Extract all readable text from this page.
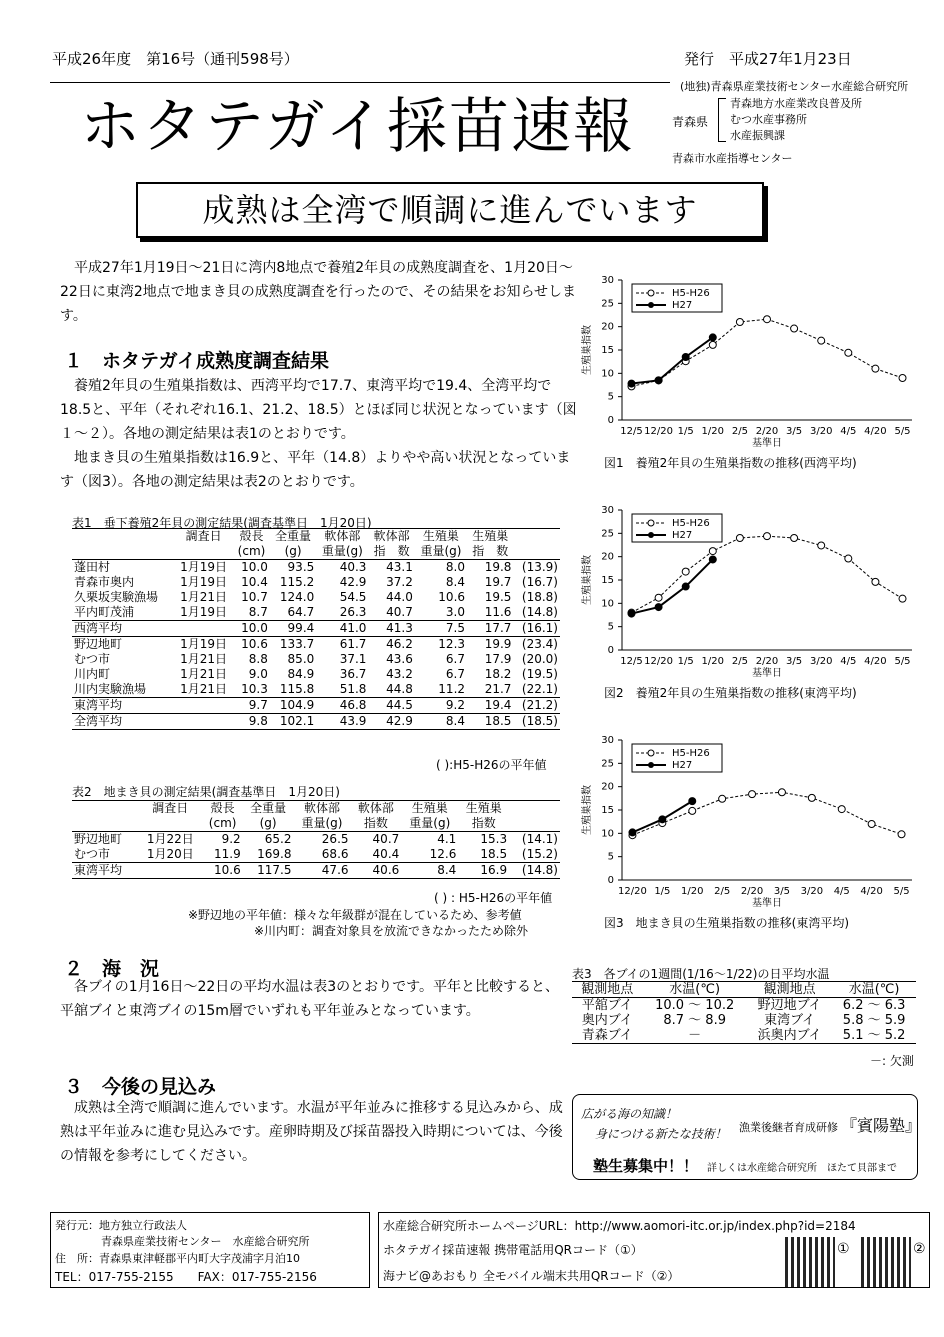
平成26年度　第16号（通刊598号）	発行　平成27年1月23日
ホタテガイ採苗速報
(地独)青森県産業技術センター水産総合研究所
青森県
青森地方水産業改良普及所
むつ水産事務所
水産振興課
青森市水産指導センター
成熟は全湾で順調に進んでいます

平成27年1月19日～21日に湾内8地点で養殖2年貝の成熟度調査を、1月20日～22日に東湾2地点で地まき貝の成熟度調査を行ったので、その結果をお知らせします。

１　ホタテガイ成熟度調査結果

養殖2年貝の生殖巣指数は、西湾平均で17.7、東湾平均で19.4、全湾平均で18.5と、平年（それぞれ16.1、21.2、18.5）とほぼ同じ状況となっています（図１～２）。各地の測定結果は表1のとおりです。

地まき貝の生殖巣指数は16.9と、平年（14.8）よりやや高い状況となっています（図3）。各地の測定結果は表2のとおりです。

表1　垂下養殖2年貝の測定結果(調査基準日　1月20日)
	調査日	殻長	全重量	軟体部	軟体部	生殖巣	生殖巣	
		(cm)	(g)	重量(g)	指　数	重量(g)	指　数	
蓬田村	1月19日	10.0	93.5	40.3	43.1	8.0	19.8	(13.9)
青森市奥内	1月19日	10.4	115.2	42.9	37.2	8.4	19.7	(16.7)
久栗坂実験漁場	1月21日	10.7	124.0	54.5	44.0	10.6	19.5	(18.8)
平内町茂浦	1月19日	8.7	64.7	26.3	40.7	3.0	11.6	(14.8)
西湾平均		10.0	99.4	41.0	41.3	7.5	17.7	(16.1)
野辺地町	1月19日	10.6	133.7	61.7	46.2	12.3	19.9	(23.4)
むつ市	1月21日	8.8	85.0	37.1	43.6	6.7	17.9	(20.0)
川内町	1月21日	9.0	84.9	36.7	43.2	6.7	18.2	(19.5)
川内実験漁場	1月21日	10.3	115.8	51.8	44.8	11.2	21.7	(22.1)
東湾平均		9.7	104.9	46.8	44.5	9.2	19.4	(21.2)
全湾平均		9.8	102.1	43.9	42.9	8.4	18.5	(18.5)
( ):H5-H26の平年値
表2　地まき貝の測定結果(調査基準日　1月20日)
	調査日	殻長	全重量	軟体部	軟体部	生殖巣	生殖巣	
		(cm)	(g)	重量(g)	指数	重量(g)	指数	
野辺地町	1月22日	9.2	65.2	26.5	40.7	4.1	15.3	(14.1)
むつ市	1月20日	11.9	169.8	68.6	40.4	12.6	18.5	(15.2)
東湾平均		10.6	117.5	47.6	40.6	8.4	16.9	(14.8)
( ) : H5-H26の平年値
※野辺地の平年値：様々な年級群が混在しているため、参考値
※川内町：調査対象貝を放流できなかったため除外
２　海　況

各ブイの1月16日～22日の平均水温は表3のとおりです。平年と比較すると、平舘ブイと東湾ブイの15m層でいずれも平年並みとなっています。

表3　各ブイの1週間(1/16～1/22)の日平均水温
観測地点	水温(℃)	観測地点	水温(℃)
平舘ブイ	10.0 ～ 10.2	野辺地ブイ	6.2 ～ 6.3
奥内ブイ	8.7 ～ 8.9	東湾ブイ	5.8 ～ 5.9
青森ブイ	－	浜奥内ブイ	5.1 ～ 5.2
－: 欠測
３　今後の見込み

成熟は全湾で順調に進んでいます。水温が平年並みに推移する見込みから、成熟は平年並みに進む見込みです。産卵時期及び採苗器投入時期については、今後の情報を参考にしてください。

広がる海の知識！
身につける新たな技術！ 漁業後継者育成研修 『賓陽塾』
塾生募集中！！ 詳しくは水産総合研究所　ほたて貝部まで
発行元：地方独立行政法人
青森県産業技術センター　水産総合研究所
住　所：青森県東津軽郡平内町大字茂浦字月泊10
TEL：017-755-2155　　FAX：017-755-2156
水産総合研究所ホームページURL：http://www.aomori-itc.or.jp/index.php?id=2184
ホタテガイ採苗速報 携帯電話用QRコード（①）
海ナビ@あおもり 全モバイル端末共用QRコード（②）
①	②
0
5
10
15
20
25
30
12/5 12/20 1/5 1/20 2/5 2/20 3/5 3/20 4/5 4/20 5/5
基準日
生殖巣指数
H5-H26
H27
図1　養殖2年貝の生殖巣指数の推移(西湾平均)
0
5
10
15
20
25
30
12/5 12/20 1/5 1/20 2/5 2/20 3/5 3/20 4/5 4/20 5/5
基準日
生殖巣指数
H5-H26
H27
図2　養殖2年貝の生殖巣指数の推移(東湾平均)
0
5
10
15
20
25
30
12/20 1/5 1/20 2/5 2/20 3/5 3/20 4/5 4/20 5/5
基準日
生殖巣指数
H5-H26
H27
図3　地まき貝の生殖巣指数の推移(東湾平均)
